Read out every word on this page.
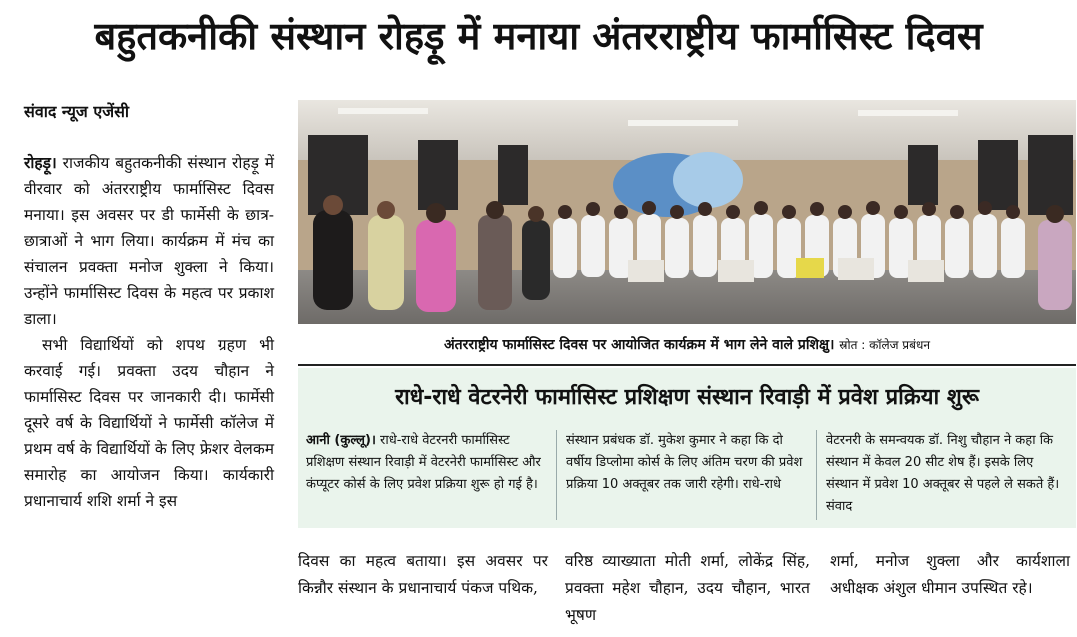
बहुतकनीकी संस्थान रोहड़ू में मनाया अंतरराष्ट्रीय फार्मासिस्ट दिवस
संवाद न्यूज एजेंसी

रोहड़ू। राजकीय बहुतकनीकी संस्थान रोहड़ू में वीरवार को अंतरराष्ट्रीय फार्मासिस्ट दिवस मनाया। इस अवसर पर डी फार्मेसी के छात्र-छात्राओं ने भाग लिया। कार्यक्रम में मंच का संचालन प्रवक्ता मनोज शुक्ला ने किया। उन्होंने फार्मासिस्ट दिवस के महत्व पर प्रकाश डाला।

सभी विद्यार्थियों को शपथ ग्रहण भी करवाई गई। प्रवक्ता उदय चौहान ने फार्मासिस्ट दिवस पर जानकारी दी। फार्मेसी दूसरे वर्ष के विद्यार्थियों ने फार्मेसी कॉलेज में प्रथम वर्ष के विद्यार्थियों के लिए फ्रेशर वेलकम समारोह का आयोजन किया। कार्यकारी प्रधानाचार्य शशि शर्मा ने इस

अंतरराष्ट्रीय फार्मासिस्ट दिवस पर आयोजित कार्यक्रम में भाग लेने वाले प्रशिक्षु। स्रोत : कॉलेज प्रबंधन
राधे-राधे वेटरनेरी फार्मासिस्ट प्रशिक्षण संस्थान रिवाड़ी में प्रवेश प्रक्रिया शुरू

आनी (कुल्लू)। राधे-राधे वेटरनरी फार्मासिस्ट प्रशिक्षण संस्थान रिवाड़ी में वेटरनेरी फार्मासिस्ट और कंप्यूटर कोर्स के लिए प्रवेश प्रक्रिया शुरू हो गई है।

संस्थान प्रबंधक डॉ. मुकेश कुमार ने कहा कि दो वर्षीय डिप्लोमा कोर्स के लिए अंतिम चरण की प्रवेश प्रक्रिया 10 अक्तूबर तक जारी रहेगी। राधे-राधे

वेटरनरी के समन्वयक डॉ. निशु चौहान ने कहा कि संस्थान में केवल 20 सीट शेष हैं। इसके लिए संस्थान में प्रवेश 10 अक्तूबर से पहले ले सकते हैं। संवाद

दिवस का महत्व बताया। इस अवसर पर किन्नौर संस्थान के प्रधानाचार्य पंकज पथिक,

वरिष्ठ व्याख्याता मोती शर्मा, लोकेंद्र सिंह, प्रवक्ता महेश चौहान, उदय चौहान, भारत भूषण

शर्मा, मनोज शुक्ला और कार्यशाला अधीक्षक अंशुल धीमान उपस्थित रहे।
